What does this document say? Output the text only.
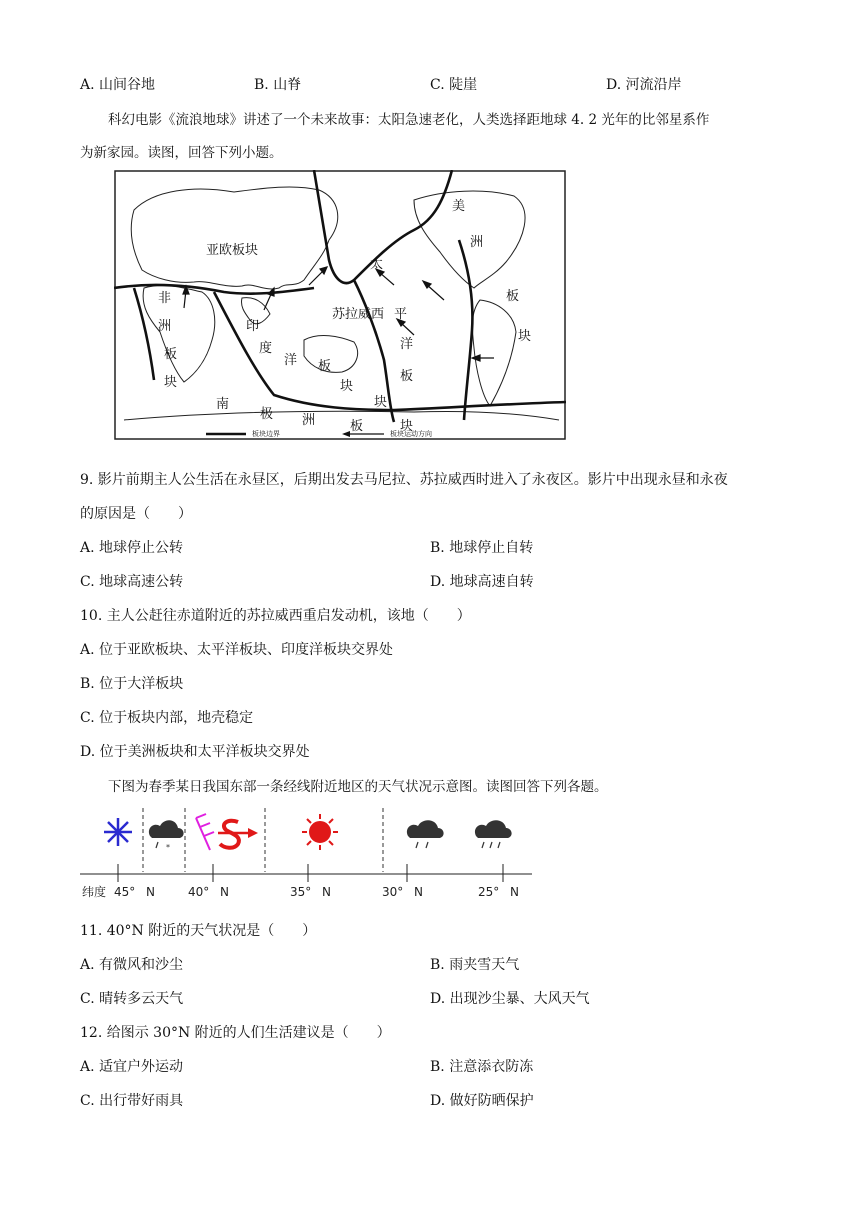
A. 山间谷地	B. 山脊	C. 陡崖	D. 河流沿岸
科幻电影《流浪地球》讲述了一个未来故事：太阳急速老化，人类选择距地球 4. 2 光年的比邻星系作
为新家园。读图，回答下列小题。
亚欧板块
美
洲
板
块
非
洲
板
块
印
度
洋 板
块
太
平
洋
板
块
苏拉威西
南
极 洲	板
块
板块边界	板块运动方向
9. 影片前期主人公生活在永昼区，后期出发去马尼拉、苏拉威西时进入了永夜区。影片中出现永昼和永夜
的原因是（　　）
A. 地球停止公转	B. 地球停止自转
C. 地球高速公转	D. 地球高速自转
10. 主人公赶往赤道附近的苏拉威西重启发动机，该地（　　）
A. 位于亚欧板块、太平洋板块、印度洋板块交界处
B. 位于大洋板块
C. 位于板块内部，地壳稳定
D. 位于美洲板块和太平洋板块交界处
下图为春季某日我国东部一条经线附近地区的天气状况示意图。读图回答下列各题。
*
纬度 45° N	40° N	35° N	30° N	25° N
11. 40°N 附近的天气状况是（　　）
A. 有微风和沙尘	B. 雨夹雪天气
C. 晴转多云天气	D. 出现沙尘暴、大风天气
12. 给图示 30°N 附近的人们生活建议是（　　）
A. 适宜户外运动	B. 注意添衣防冻
C. 出行带好雨具	D. 做好防晒保护
